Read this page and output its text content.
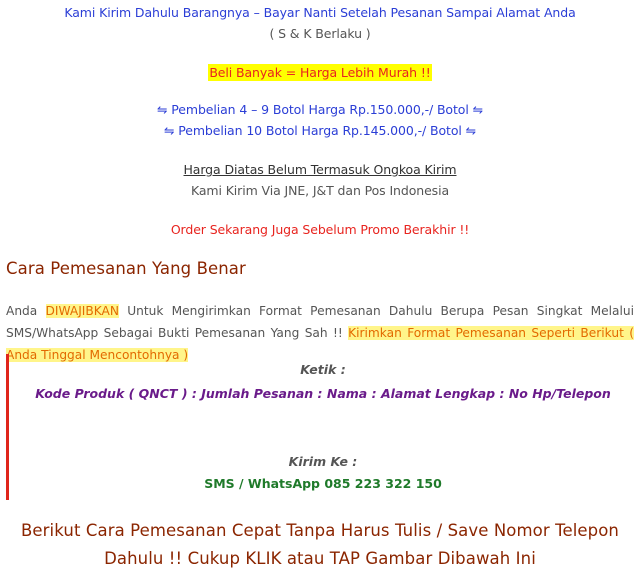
Kami Kirim Dahulu Barangnya – Bayar Nanti Setelah Pesanan Sampai Alamat Anda
( S & K Berlaku )
Beli Banyak = Harga Lebih Murah !!
⇋ Pembelian 4 – 9 Botol Harga Rp.150.000,-/ Botol ⇋
⇋ Pembelian 10 Botol Harga Rp.145.000,-/ Botol ⇋
Harga Diatas Belum Termasuk Ongkoa Kirim
Kami Kirim Via JNE, J&T dan Pos Indonesia
Order Sekarang Juga Sebelum Promo Berakhir !!
Cara Pemesanan Yang Benar

Anda DIWAJIBKAN Untuk Mengirimkan Format Pemesanan Dahulu Berupa Pesan Singkat Melalui SMS/WhatsApp Sebagai Bukti Pemesanan Yang Sah !! Kirimkan Format Pemesanan Seperti Berikut ( Anda Tinggal Mencontohnya )

Ketik :
Kode Produk ( QNCT ) : Jumlah Pesanan : Nama : Alamat Lengkap : No Hp/Telepon
Kirim Ke :
SMS / WhatsApp 085 223 322 150
Berikut Cara Pemesanan Cepat Tanpa Harus Tulis / Save Nomor Telepon
Dahulu !! Cukup KLIK atau TAP Gambar Dibawah Ini
